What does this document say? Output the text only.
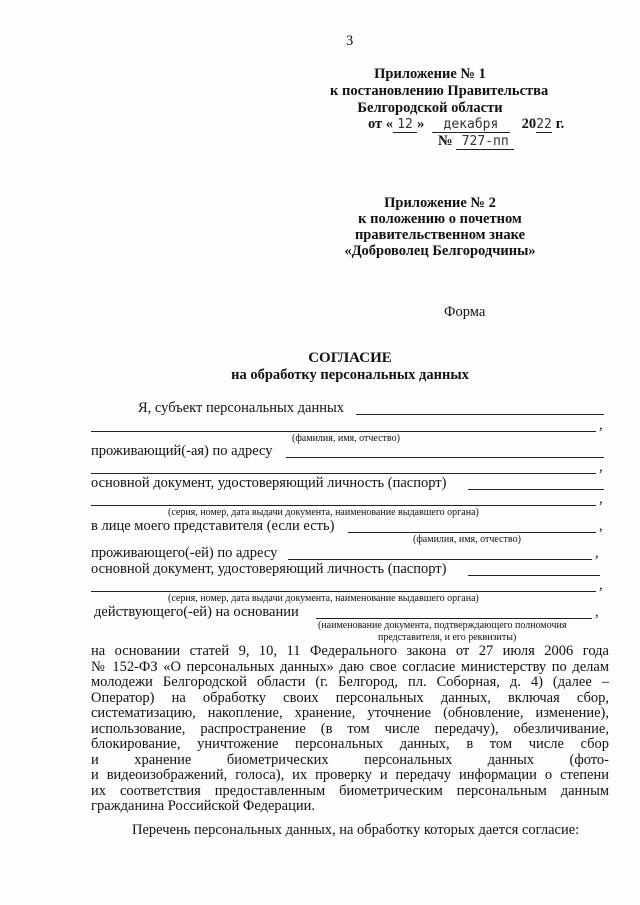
3
Приложение № 1
к постановлению Правительства
Белгородской области
от « 12 » декабря 2022 г.
№ 727-пп
Приложение № 2
к положению о почетном
правительственном знаке
«Доброволец Белгородчины»
Форма
СОГЛАСИЕ
на обработку персональных данных
Я, субъект персональных данных
,
(фамилия, имя, отчество)
проживающий(-ая) по адресу
,
основной документ, удостоверяющий личность (паспорт)
,
(серия, номер, дата выдачи документа, наименование выдавшего органа)
в лице моего представителя (если есть)	,
(фамилия, имя, отчество)
проживающего(-ей) по адресу	,
основной документ, удостоверяющий личность (паспорт)
,
(серия, номер, дата выдачи документа, наименование выдавшего органа)
действующего(-ей) на основании	,
(наименование документа, подтверждающего полномочия
представителя, и его реквизиты)
на основании статей 9, 10, 11 Федерального закона от 27 июля 2006 года
№ 152-ФЗ «О персональных данных» даю свое согласие министерству по делам
молодежи Белгородской области (г. Белгород, пл. Соборная, д. 4) (далее –
Оператор) на обработку своих персональных данных, включая сбор,
систематизацию, накопление, хранение, уточнение (обновление, изменение),
использование, распространение (в том числе передачу), обезличивание,
блокирование, уничтожение персональных данных, в том числе сбор
и хранение биометрических персональных данных (фото-
и видеоизображений, голоса), их проверку и передачу информации о степени
их соответствия предоставленным биометрическим персональным данным
гражданина Российской Федерации.
Перечень персональных данных, на обработку которых дается согласие:
